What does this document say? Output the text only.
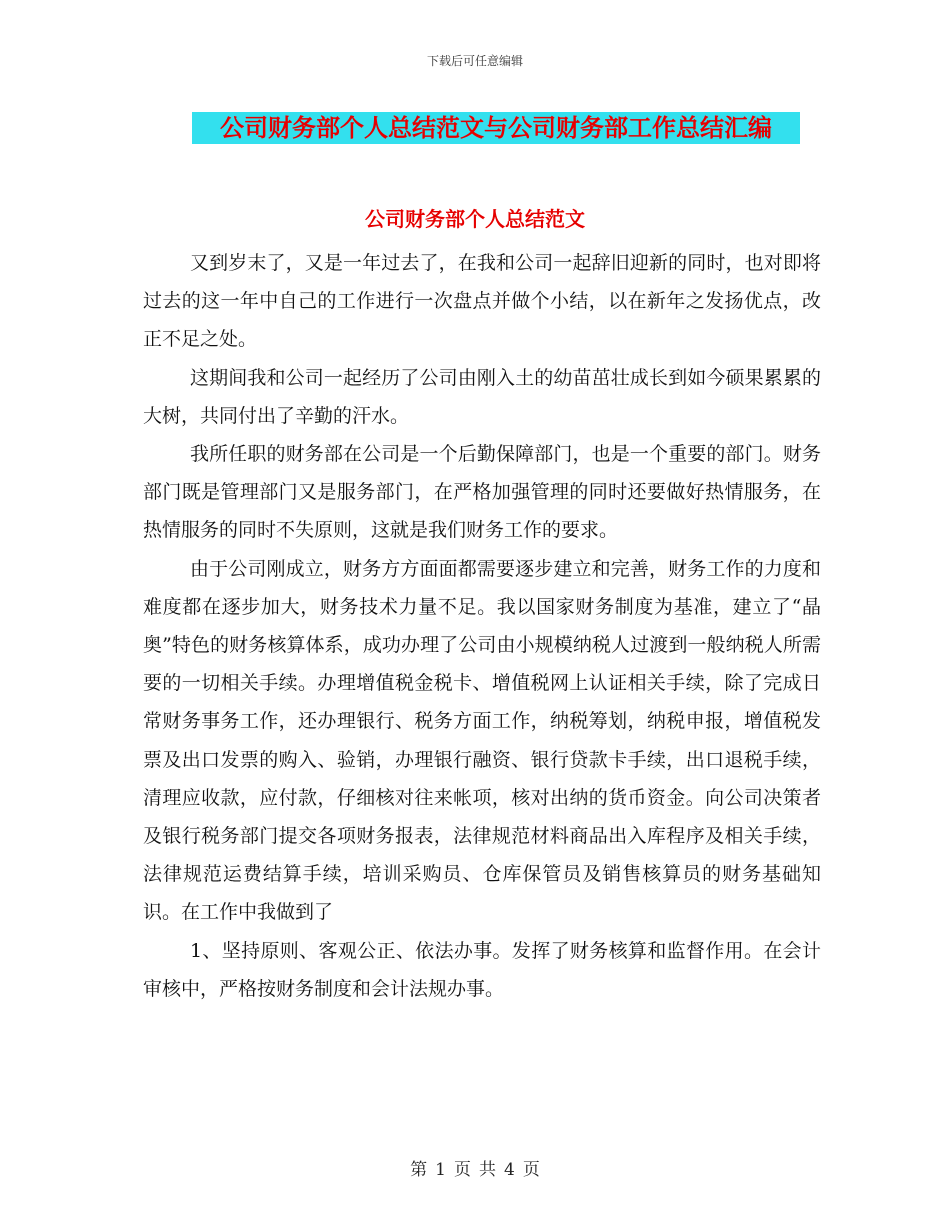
下载后可任意编辑
公司财务部个人总结范文与公司财务部工作总结汇编
公司财务部个人总结范文

又到岁末了，又是一年过去了，在我和公司一起辞旧迎新的同时，也对即将过去的这一年中自己的工作进行一次盘点并做个小结，以在新年之发扬优点，改正不足之处。

这期间我和公司一起经历了公司由刚入土的幼苗茁壮成长到如今硕果累累的大树，共同付出了辛勤的汗水。

我所任职的财务部在公司是一个后勤保障部门，也是一个重要的部门。财务部门既是管理部门又是服务部门，在严格加强管理的同时还要做好热情服务，在热情服务的同时不失原则，这就是我们财务工作的要求。

由于公司刚成立，财务方方面面都需要逐步建立和完善，财务工作的力度和难度都在逐步加大，财务技术力量不足。我以国家财务制度为基准，建立了“晶奥”特色的财务核算体系，成功办理了公司由小规模纳税人过渡到一般纳税人所需要的一切相关手续。办理增值税金税卡、增值税网上认证相关手续，除了完成日常财务事务工作，还办理银行、税务方面工作，纳税筹划，纳税申报，增值税发票及出口发票的购入、验销，办理银行融资、银行贷款卡手续，出口退税手续，清理应收款，应付款，仔细核对往来帐项，核对出纳的货币资金。向公司决策者及银行税务部门提交各项财务报表，法律规范材料商品出入库程序及相关手续，法律规范运费结算手续，培训采购员、仓库保管员及销售核算员的财务基础知识。在工作中我做到了

1、坚持原则、客观公正、依法办事。发挥了财务核算和监督作用。在会计审核中，严格按财务制度和会计法规办事。

第 1 页 共 4 页
